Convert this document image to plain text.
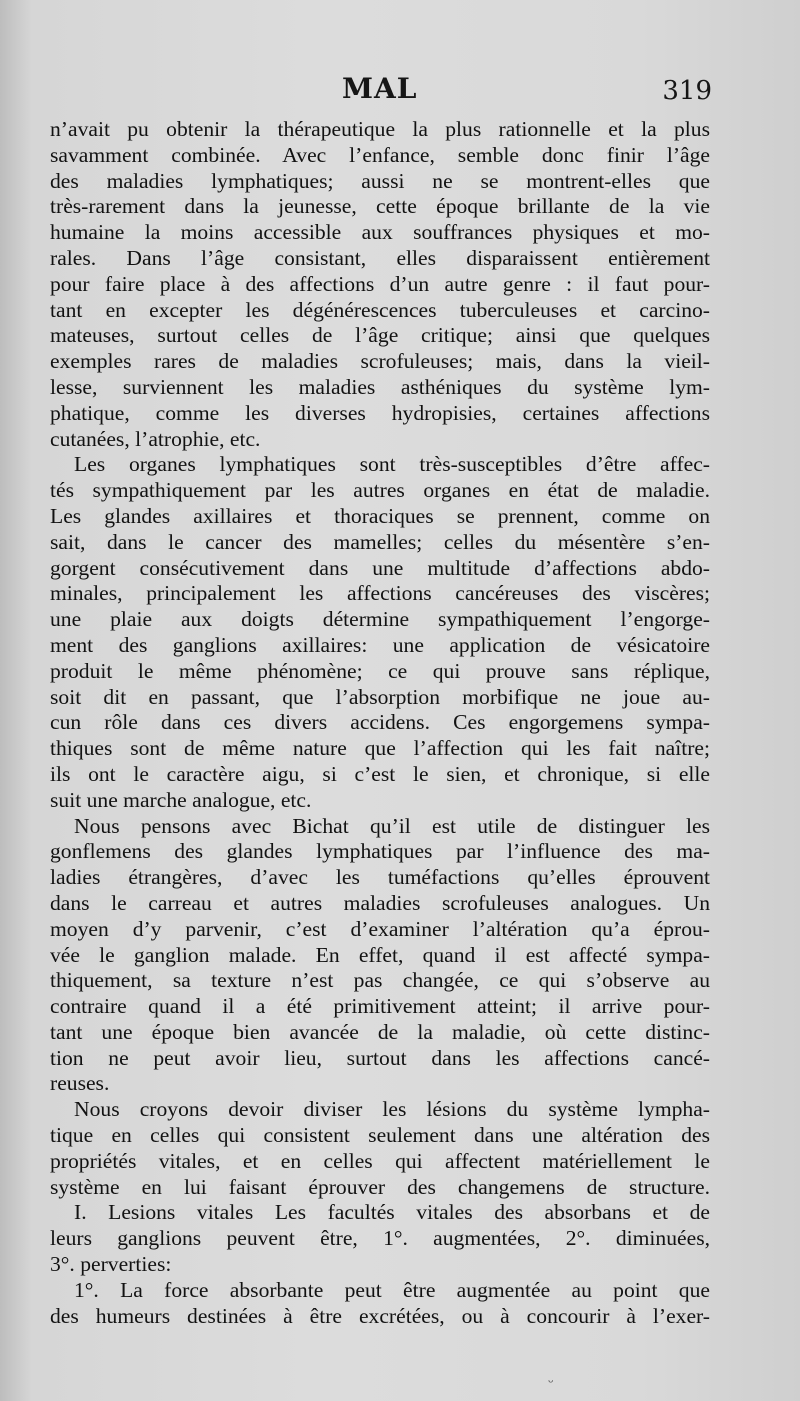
MAL	319
n’avait pu obtenir la thérapeutique la plus rationnelle et la plus
savamment combinée. Avec l’enfance, semble donc finir l’âge
des maladies lymphatiques; aussi ne se montrent-elles que
très-rarement dans la jeunesse, cette époque brillante de la vie
humaine la moins accessible aux souffrances physiques et mo-
rales. Dans l’âge consistant, elles disparaissent entièrement
pour faire place à des affections d’un autre genre : il faut pour-
tant en excepter les dégénérescences tuberculeuses et carcino-
mateuses, surtout celles de l’âge critique; ainsi que quelques
exemples rares de maladies scrofuleuses; mais, dans la vieil-
lesse, surviennent les maladies asthéniques du système lym-
phatique, comme les diverses hydropisies, certaines affections
cutanées, l’atrophie, etc.
Les organes lymphatiques sont très-susceptibles d’être affec-
tés sympathiquement par les autres organes en état de maladie.
Les glandes axillaires et thoraciques se prennent, comme on
sait, dans le cancer des mamelles; celles du mésentère s’en-
gorgent consécutivement dans une multitude d’affections abdo-
minales, principalement les affections cancéreuses des viscères;
une plaie aux doigts détermine sympathiquement l’engorge-
ment des ganglions axillaires: une application de vésicatoire
produit le même phénomène; ce qui prouve sans réplique,
soit dit en passant, que l’absorption morbifique ne joue au-
cun rôle dans ces divers accidens. Ces engorgemens sympa-
thiques sont de même nature que l’affection qui les fait naître;
ils ont le caractère aigu, si c’est le sien, et chronique, si elle
suit une marche analogue, etc.
Nous pensons avec Bichat qu’il est utile de distinguer les
gonflemens des glandes lymphatiques par l’influence des ma-
ladies étrangères, d’avec les tuméfactions qu’elles éprouvent
dans le carreau et autres maladies scrofuleuses analogues. Un
moyen d’y parvenir, c’est d’examiner l’altération qu’a éprou-
vée le ganglion malade. En effet, quand il est affecté sympa-
thiquement, sa texture n’est pas changée, ce qui s’observe au
contraire quand il a été primitivement atteint; il arrive pour-
tant une époque bien avancée de la maladie, où cette distinc-
tion ne peut avoir lieu, surtout dans les affections cancé-
reuses.
Nous croyons devoir diviser les lésions du système lympha-
tique en celles qui consistent seulement dans une altération des
propriétés vitales, et en celles qui affectent matériellement le
système en lui faisant éprouver des changemens de structure.
I. Lesions vitales Les facultés vitales des absorbans et de
leurs ganglions peuvent être, 1°. augmentées, 2°. diminuées,
3°. perverties:
1°. La force absorbante peut être augmentée au point que
des humeurs destinées à être excrétées, ou à concourir à l’exer-
ᵕ
